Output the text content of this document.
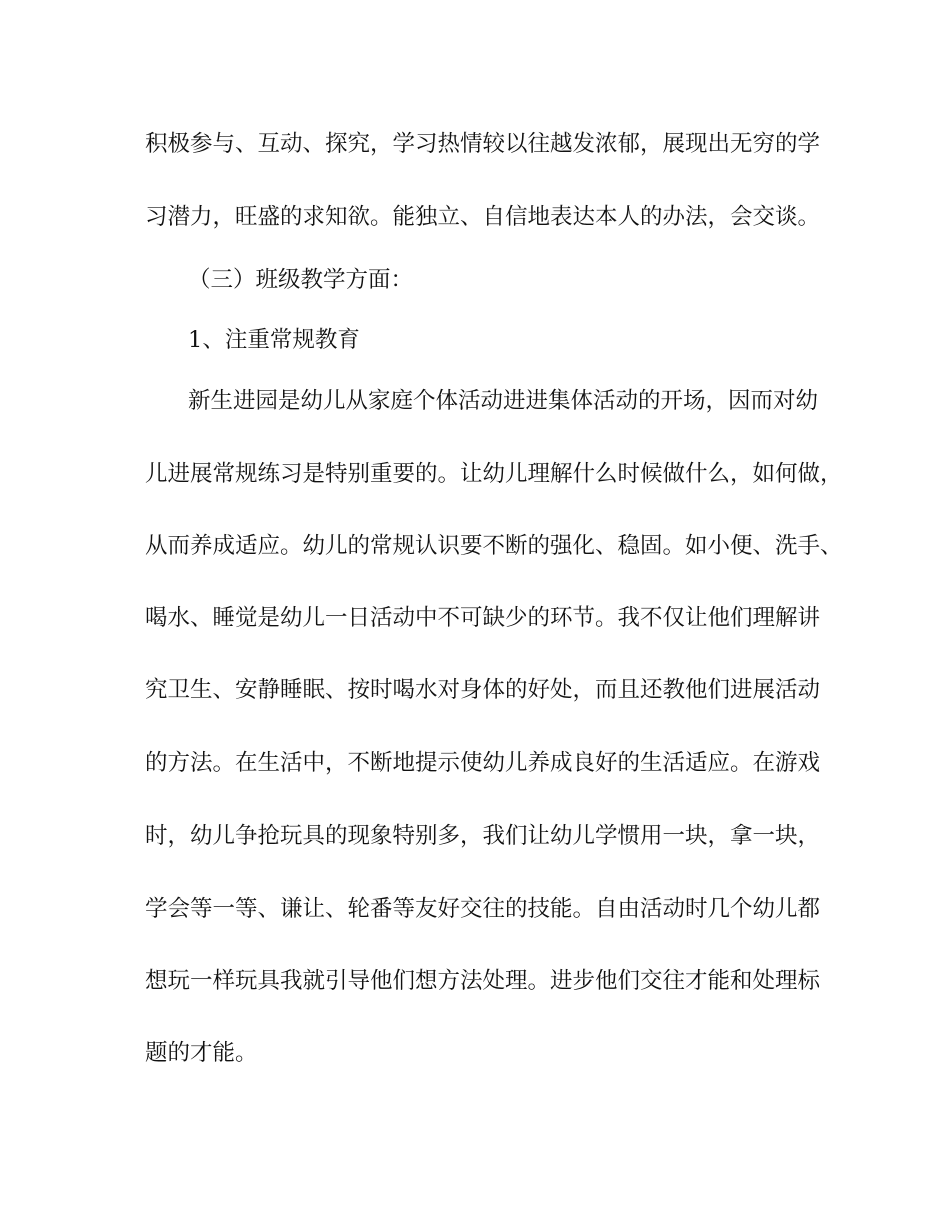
积极参与、互动、探究，学习热情较以往越发浓郁，展现出无穷的学
习潜力，旺盛的求知欲。能独立、自信地表达本人的办法，会交谈。
（三）班级教学方面：
1、注重常规教育
新生进园是幼儿从家庭个体活动进进集体活动的开场，因而对幼
儿进展常规练习是特别重要的。让幼儿理解什么时候做什么，如何做，
从而养成适应。幼儿的常规认识要不断的强化、稳固。如小便、洗手、
喝水、睡觉是幼儿一日活动中不可缺少的环节。我不仅让他们理解讲
究卫生、安静睡眠、按时喝水对身体的好处，而且还教他们进展活动
的方法。在生活中，不断地提示使幼儿养成良好的生活适应。在游戏
时，幼儿争抢玩具的现象特别多，我们让幼儿学惯用一块，拿一块，
学会等一等、谦让、轮番等友好交往的技能。自由活动时几个幼儿都
想玩一样玩具我就引导他们想方法处理。进步他们交往才能和处理标
题的才能。
